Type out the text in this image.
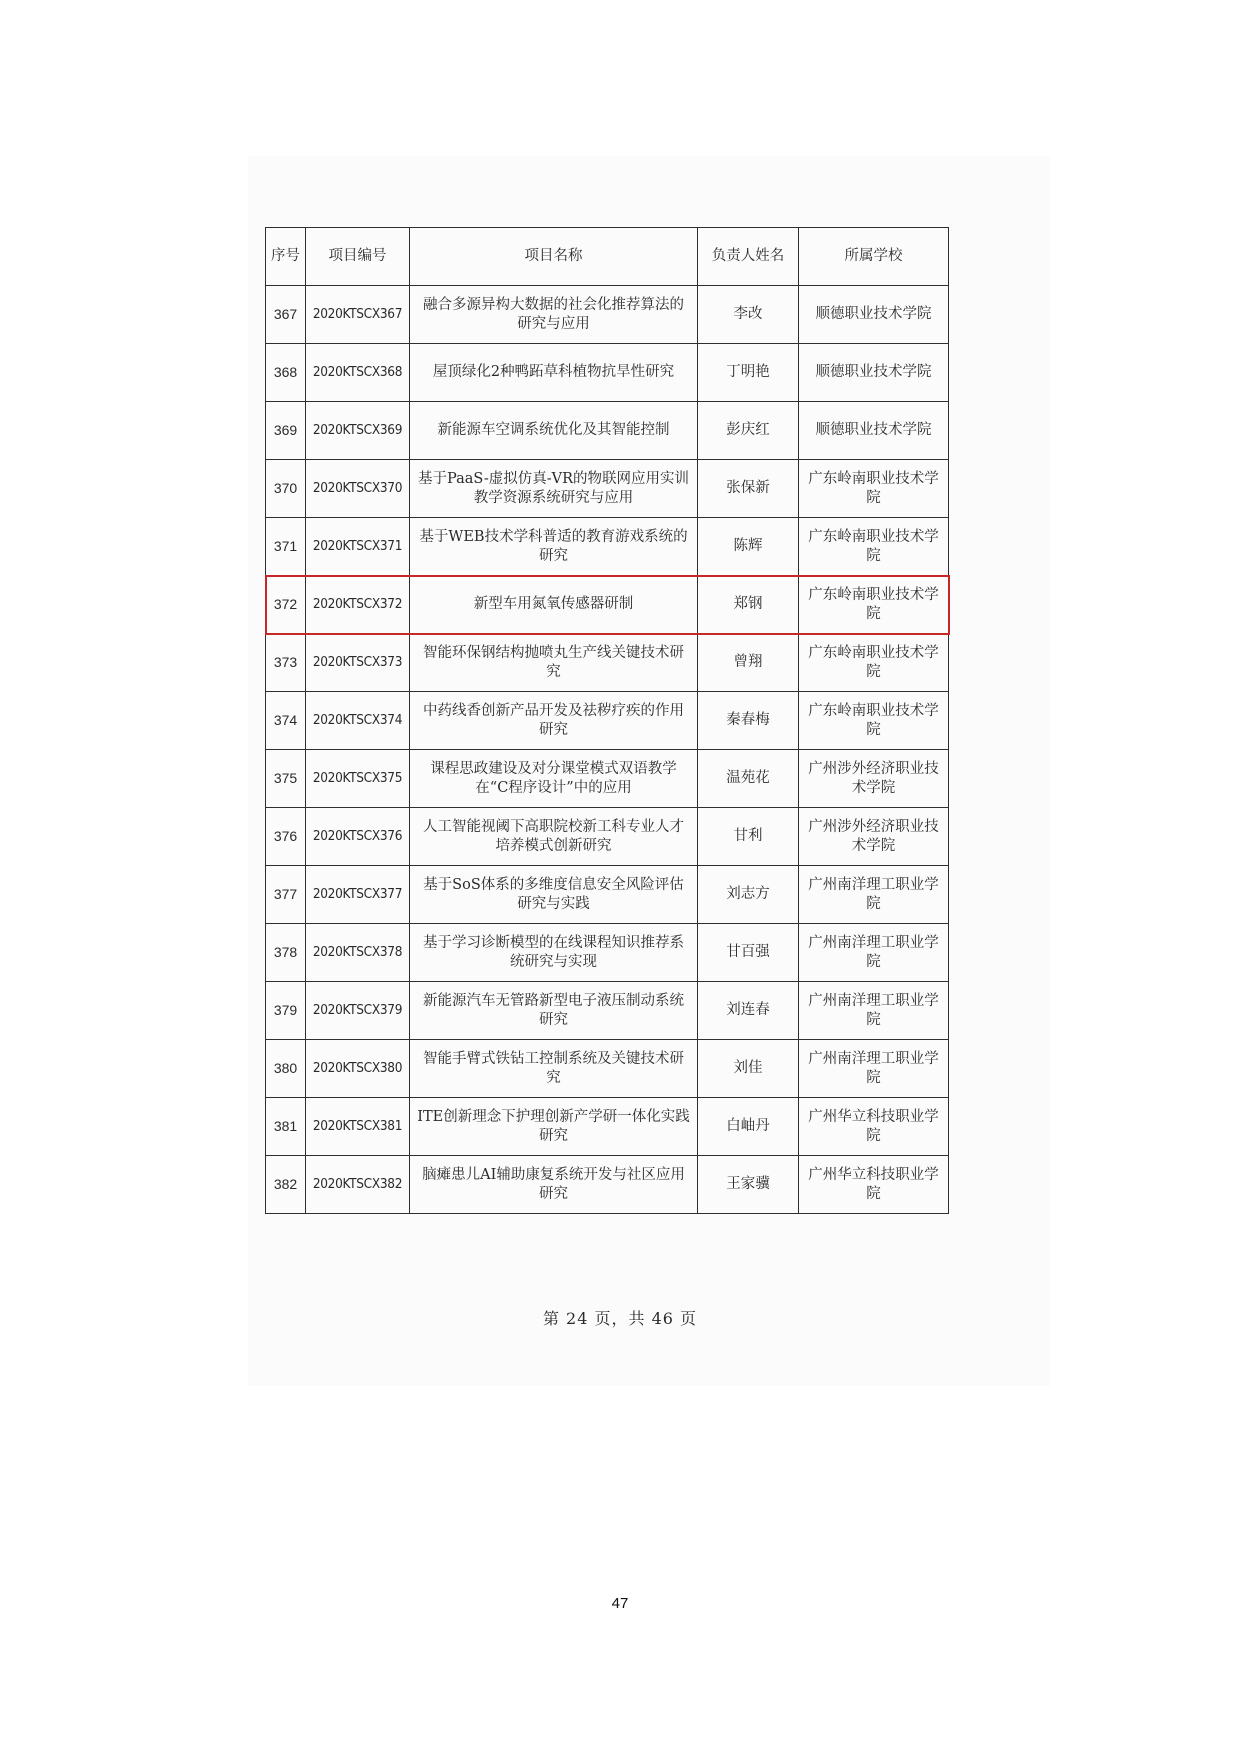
序号	项目编号	项目名称	负责人姓名	所属学校
367	2020KTSCX367	融合多源异构大数据的社会化推荐算法的研究与应用	李改	顺德职业技术学院
368	2020KTSCX368	屋顶绿化2种鸭跖草科植物抗旱性研究	丁明艳	顺德职业技术学院
369	2020KTSCX369	新能源车空调系统优化及其智能控制	彭庆红	顺德职业技术学院
370	2020KTSCX370	基于PaaS-虚拟仿真-VR的物联网应用实训教学资源系统研究与应用	张保新	广东岭南职业技术学院
371	2020KTSCX371	基于WEB技术学科普适的教育游戏系统的研究	陈辉	广东岭南职业技术学院
372	2020KTSCX372	新型车用氮氧传感器研制	郑钢	广东岭南职业技术学院
373	2020KTSCX373	智能环保钢结构抛喷丸生产线关键技术研究	曾翔	广东岭南职业技术学院
374	2020KTSCX374	中药线香创新产品开发及祛秽疗疾的作用研究	秦春梅	广东岭南职业技术学院
375	2020KTSCX375	课程思政建设及对分课堂模式双语教学在“C程序设计”中的应用	温苑花	广州涉外经济职业技术学院
376	2020KTSCX376	人工智能视阈下高职院校新工科专业人才培养模式创新研究	甘利	广州涉外经济职业技术学院
377	2020KTSCX377	基于SoS体系的多维度信息安全风险评估研究与实践	刘志方	广州南洋理工职业学院
378	2020KTSCX378	基于学习诊断模型的在线课程知识推荐系统研究与实现	甘百强	广州南洋理工职业学院
379	2020KTSCX379	新能源汽车无管路新型电子液压制动系统研究	刘连春	广州南洋理工职业学院
380	2020KTSCX380	智能手臂式铁钻工控制系统及关键技术研究	刘佳	广州南洋理工职业学院
381	2020KTSCX381	ITE创新理念下护理创新产学研一体化实践研究	白岫丹	广州华立科技职业学院
382	2020KTSCX382	脑瘫患儿AI辅助康复系统开发与社区应用研究	王家骥	广州华立科技职业学院
第 24 页，共 46 页
47
